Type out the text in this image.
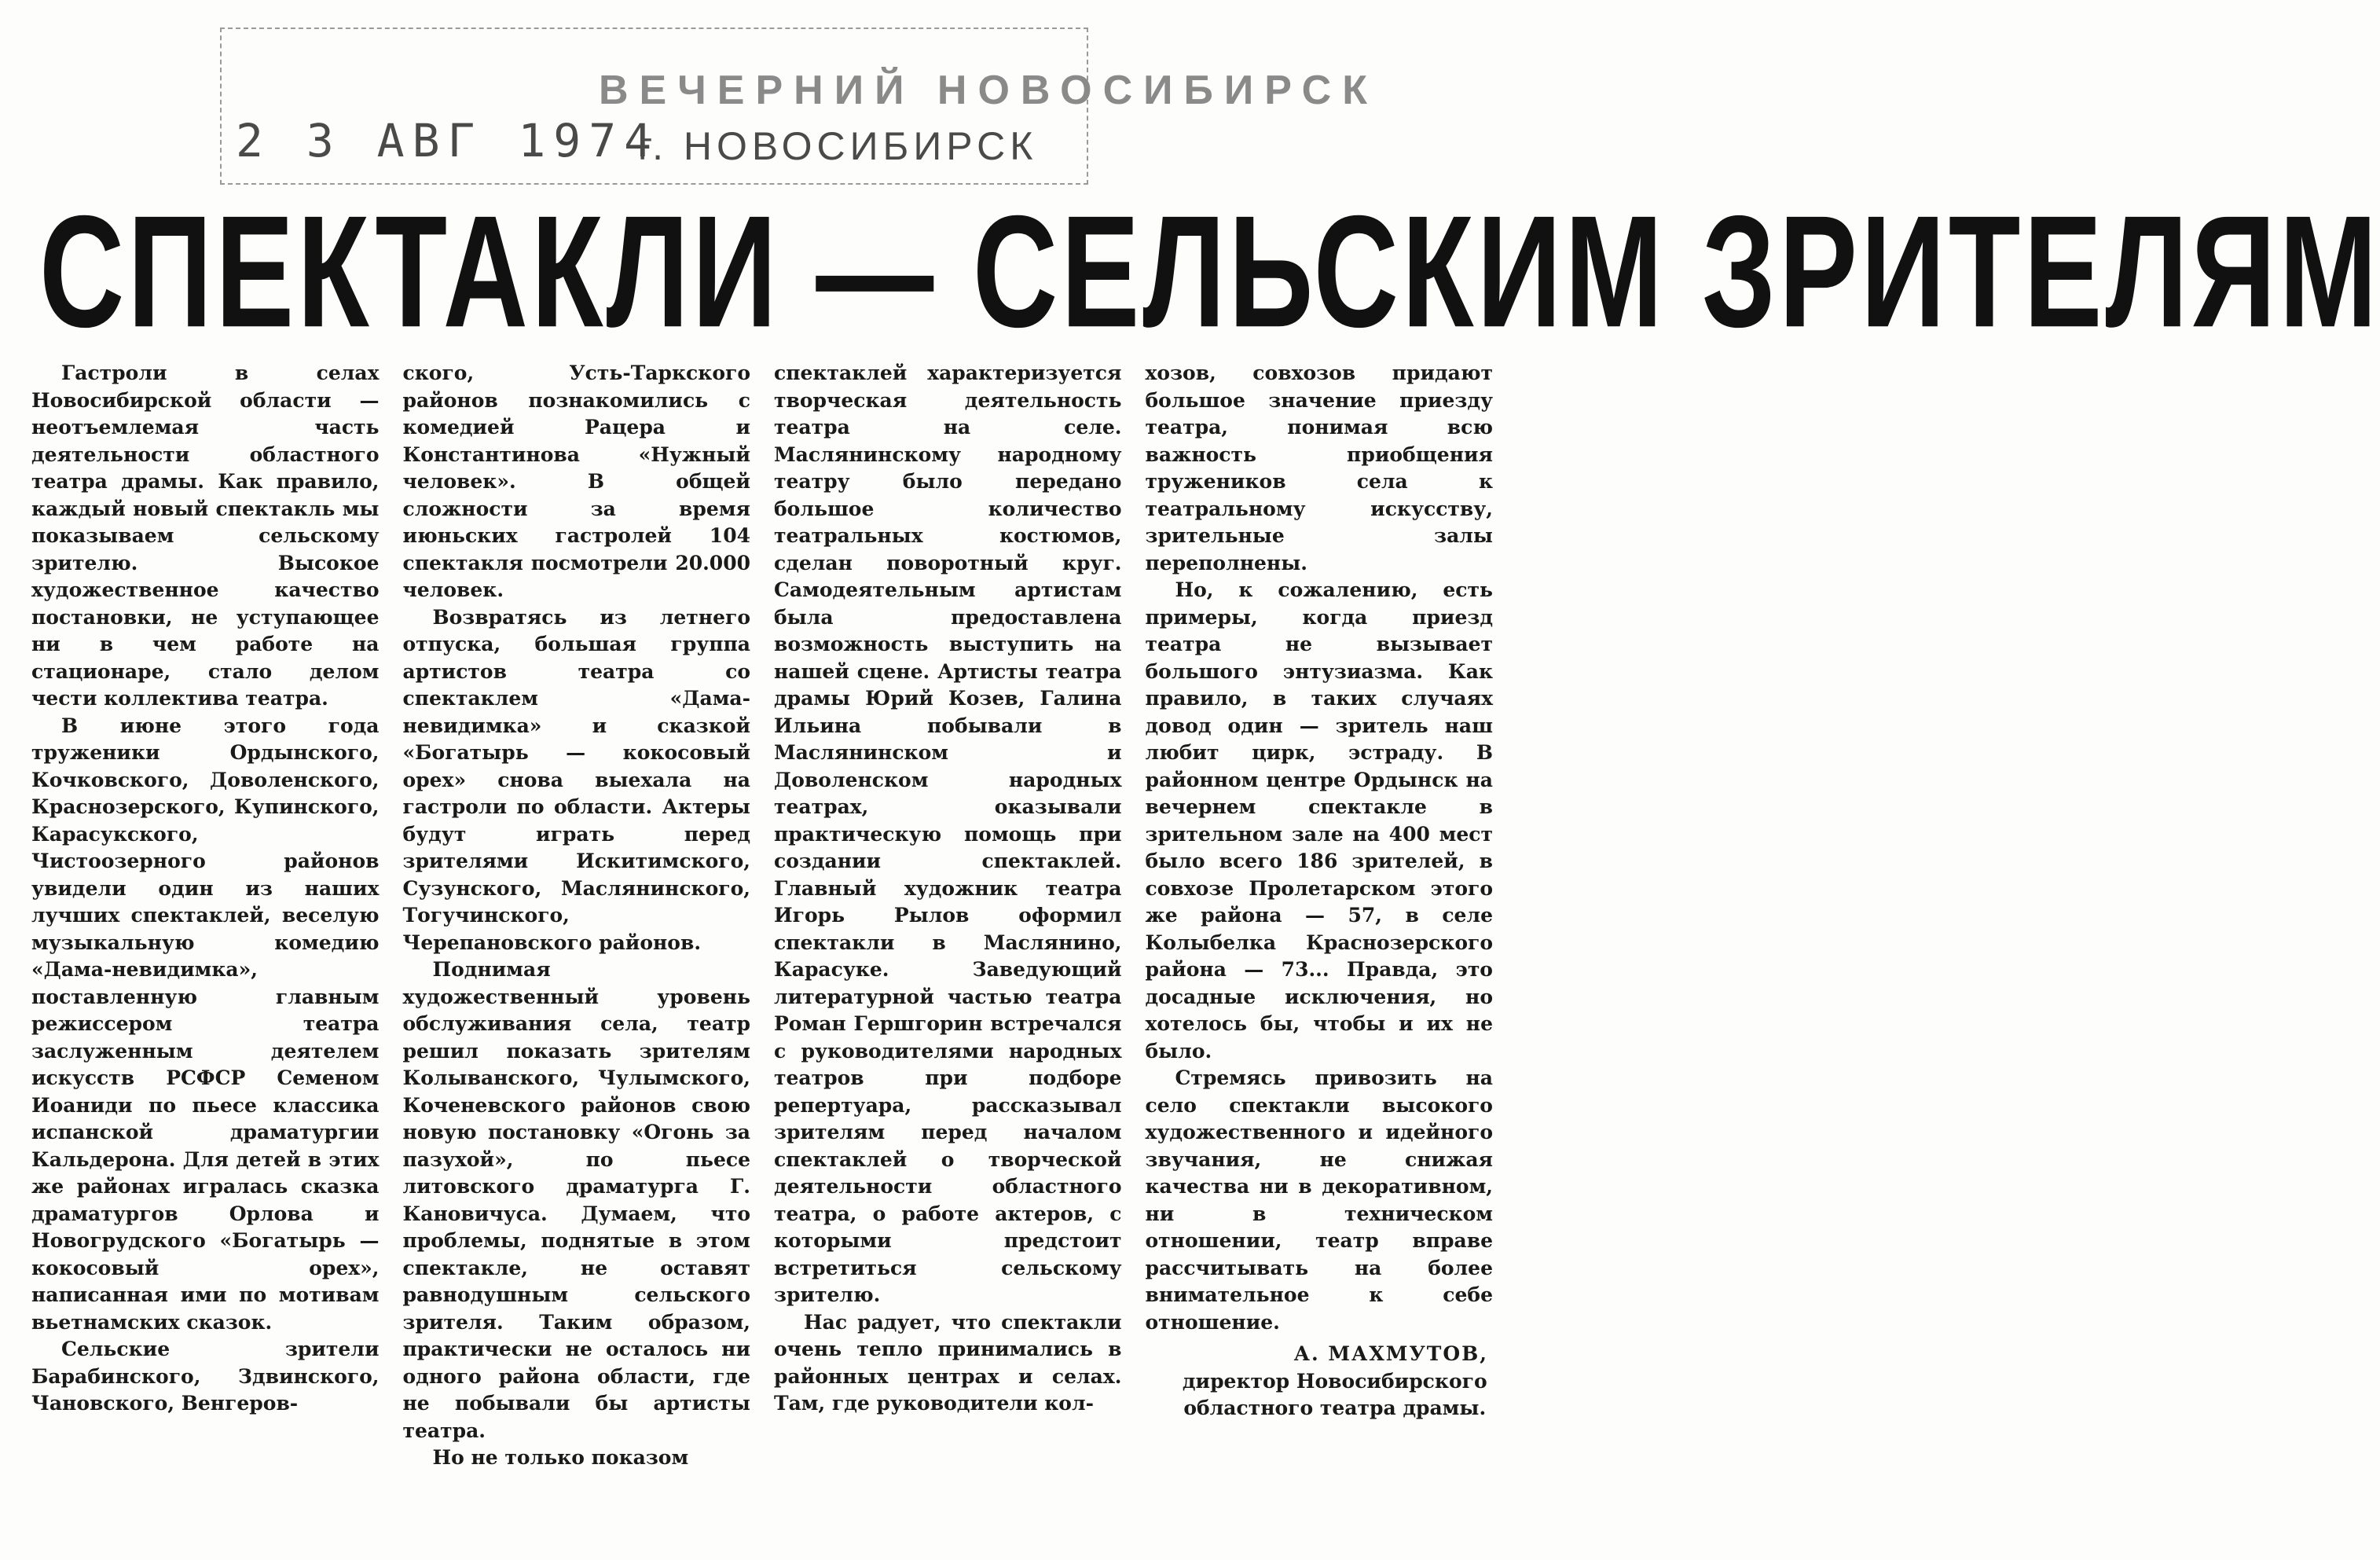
ВЕЧЕРНИЙ НОВОСИБИРСК
2 3 АВГ 1974
г. НОВОСИБИРСК
СПЕКТАКЛИ — СЕЛЬСКИМ ЗРИТЕЛЯМ

Гастроли в селах Новосибирской области — неотъемлемая часть деятельности областного театра драмы. Как правило, каждый новый спектакль мы показываем сельскому зрителю. Высокое художественное качество постановки, не уступающее ни в чем работе на стационаре, стало делом чести коллектива театра.

В июне этого года труженики Ордынского, Кочковского, Доволенского, Краснозерского, Купинского, Карасукского, Чистоозерного районов увидели один из наших лучших спектаклей, веселую музыкальную комедию «Дама-невидимка», поставленную главным режиссером театра заслуженным деятелем искусств РСФСР Семеном Иоаниди по пьесе классика испанской драматургии Кальдерона. Для детей в этих же районах игралась сказка драматургов Орлова и Новогрудского «Богатырь — кокосовый орех», написанная ими по мотивам вьетнамских сказок.

Сельские зрители Барабинского, Здвинского, Чановского, Венгеров-

ского, Усть-Таркского районов познакомились с комедией Рацера и Константинова «Нужный человек». В общей сложности за время июньских гастролей 104 спектакля посмотрели 20.000 человек.

Возвратясь из летнего отпуска, большая группа артистов театра со спектаклем «Дама-невидимка» и сказкой «Богатырь — кокосовый орех» снова выехала на гастроли по области. Актеры будут играть перед зрителями Искитимского, Сузунского, Маслянинского, Тогучинского, Черепановского районов.

Поднимая художественный уровень обслуживания села, театр решил показать зрителям Колыванского, Чулымского, Коченевского районов свою новую постановку «Огонь за пазухой», по пьесе литовского драматурга Г. Кановичуса. Думаем, что проблемы, поднятые в этом спектакле, не оставят равнодушным сельского зрителя. Таким образом, практически не осталось ни одного района области, где не побывали бы артисты театра.

Но не только показом

спектаклей характеризуется творческая деятельность театра на селе. Маслянинскому народному театру было передано большое количество театральных костюмов, сделан поворотный круг. Самодеятельным артистам была предоставлена возможность выступить на нашей сцене. Артисты театра драмы Юрий Козев, Галина Ильина побывали в Маслянинском и Доволенском народных театрах, оказывали практическую помощь при создании спектаклей. Главный художник театра Игорь Рылов оформил спектакли в Маслянино, Карасуке. Заведующий литературной частью театра Роман Гершгорин встречался с руководителями народных театров при подборе репертуара, рассказывал зрителям перед началом спектаклей о творческой деятельности областного театра, о работе актеров, с которыми предстоит встретиться сельскому зрителю.

Нас радует, что спектакли очень тепло принимались в районных центрах и селах. Там, где руководители кол-

хозов, совхозов придают большое значение приезду театра, понимая всю важность приобщения тружеников села к театральному искусству, зрительные залы переполнены.

Но, к сожалению, есть примеры, когда приезд театра не вызывает большого энтузиазма. Как правило, в таких случаях довод один — зритель наш любит цирк, эстраду. В районном центре Ордынск на вечернем спектакле в зрительном зале на 400 мест было всего 186 зрителей, в совхозе Пролетарском этого же района — 57, в селе Колыбелка Краснозерского района — 73... Правда, это досадные исключения, но хотелось бы, чтобы и их не было.

Стремясь привозить на село спектакли высокого художественного и идейного звучания, не снижая качества ни в декоративном, ни в техническом отношении, театр вправе рассчитывать на более внимательное к себе отношение.

А. МАХМУТОВ,
директор Новосибирского областного театра драмы.
